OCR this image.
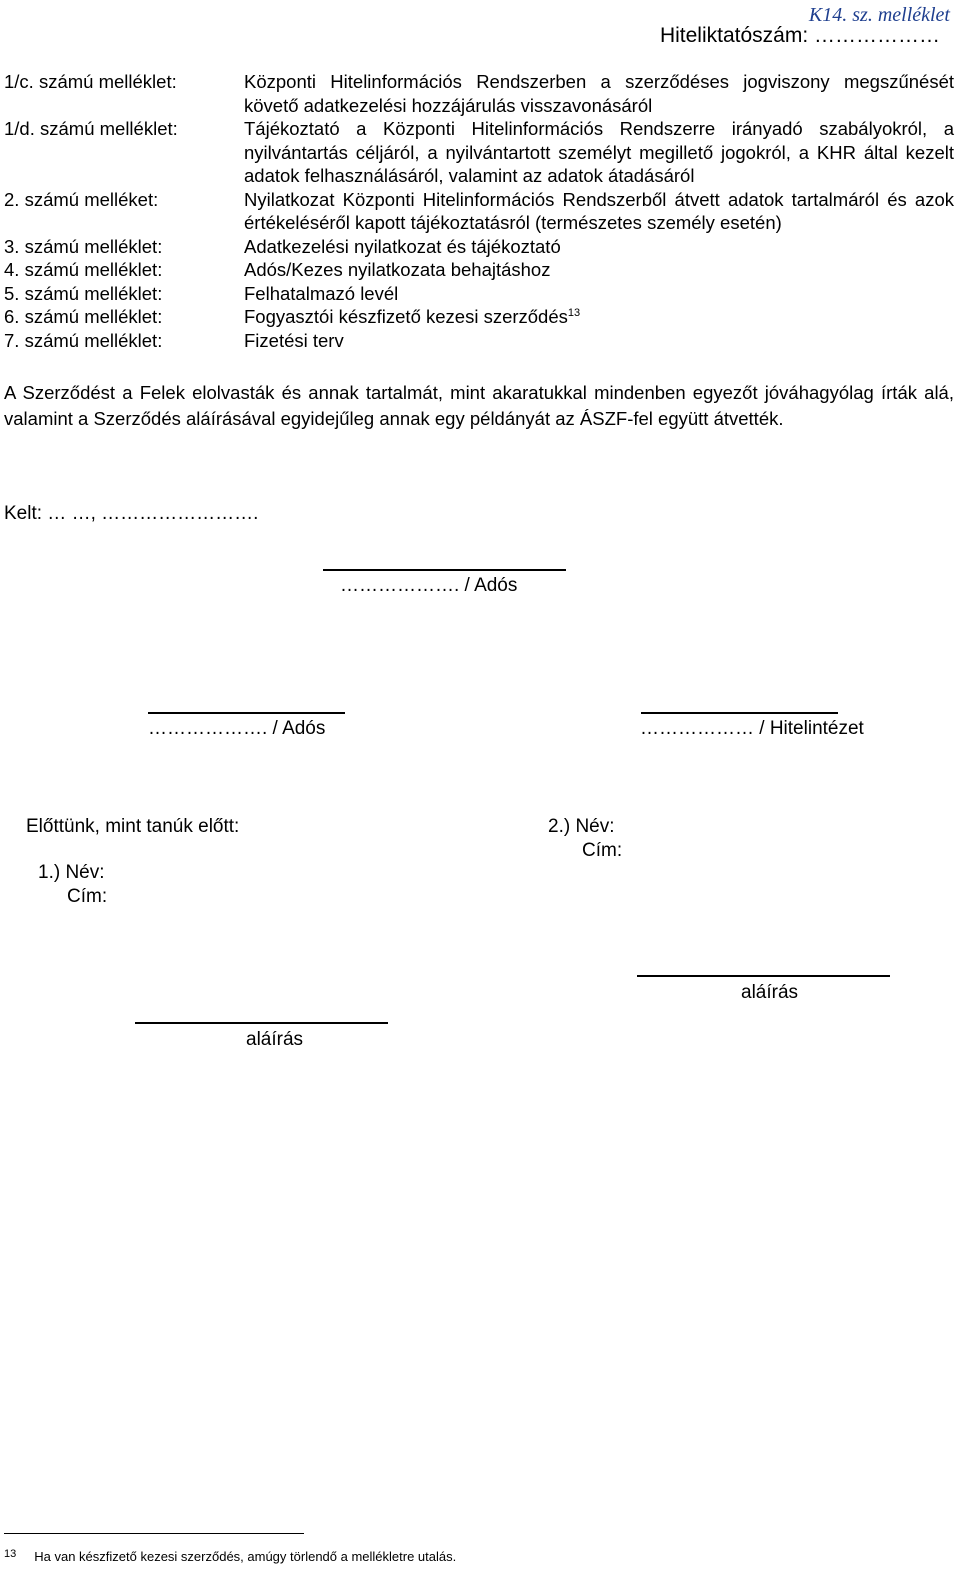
K14. sz. melléklet
Hiteliktatószám: ………………
1/c. számú melléklet:	Központi Hitelinformációs Rendszerben a szerződéses jogviszony megszűnését követő adatkezelési hozzájárulás visszavonásáról
1/d. számú melléklet:	Tájékoztató a Központi Hitelinformációs Rendszerre irányadó szabályokról, a nyilvántartás céljáról, a nyilvántartott személyt megillető jogokról, a KHR által kezelt adatok felhasználásáról, valamint az adatok átadásáról
2. számú melléket:	Nyilatkozat Központi Hitelinformációs Rendszerből átvett adatok tartalmáról és azok értékeléséről kapott tájékoztatásról (természetes személy esetén)
3. számú melléklet:	Adatkezelési nyilatkozat és tájékoztató
4. számú melléklet:	Adós/Kezes nyilatkozata behajtáshoz
5. számú melléklet:	Felhatalmazó levél
6. számú melléklet:	Fogyasztói készfizető kezesi szerződés$^{13}$
7. számú melléklet:	Fizetési terv
A Szerződést a Felek elolvasták és annak tartalmát, mint akaratukkal mindenben egyezőt jóváhagyólag írták alá, valamint a Szerződés aláírásával egyidejűleg annak egy példányát az ÁSZF-fel együtt átvették.
Kelt: … …, …………………….
………………. / Adós
………………. / Adós	……………… / Hitelintézet
Előttünk, mint tanúk előtt:
1.) Név:
Cím:
2.) Név:
Cím:
aláírás
aláírás
$^{13}$ Ha van készfizető kezesi szerződés, amúgy törlendő a mellékletre utalás.
